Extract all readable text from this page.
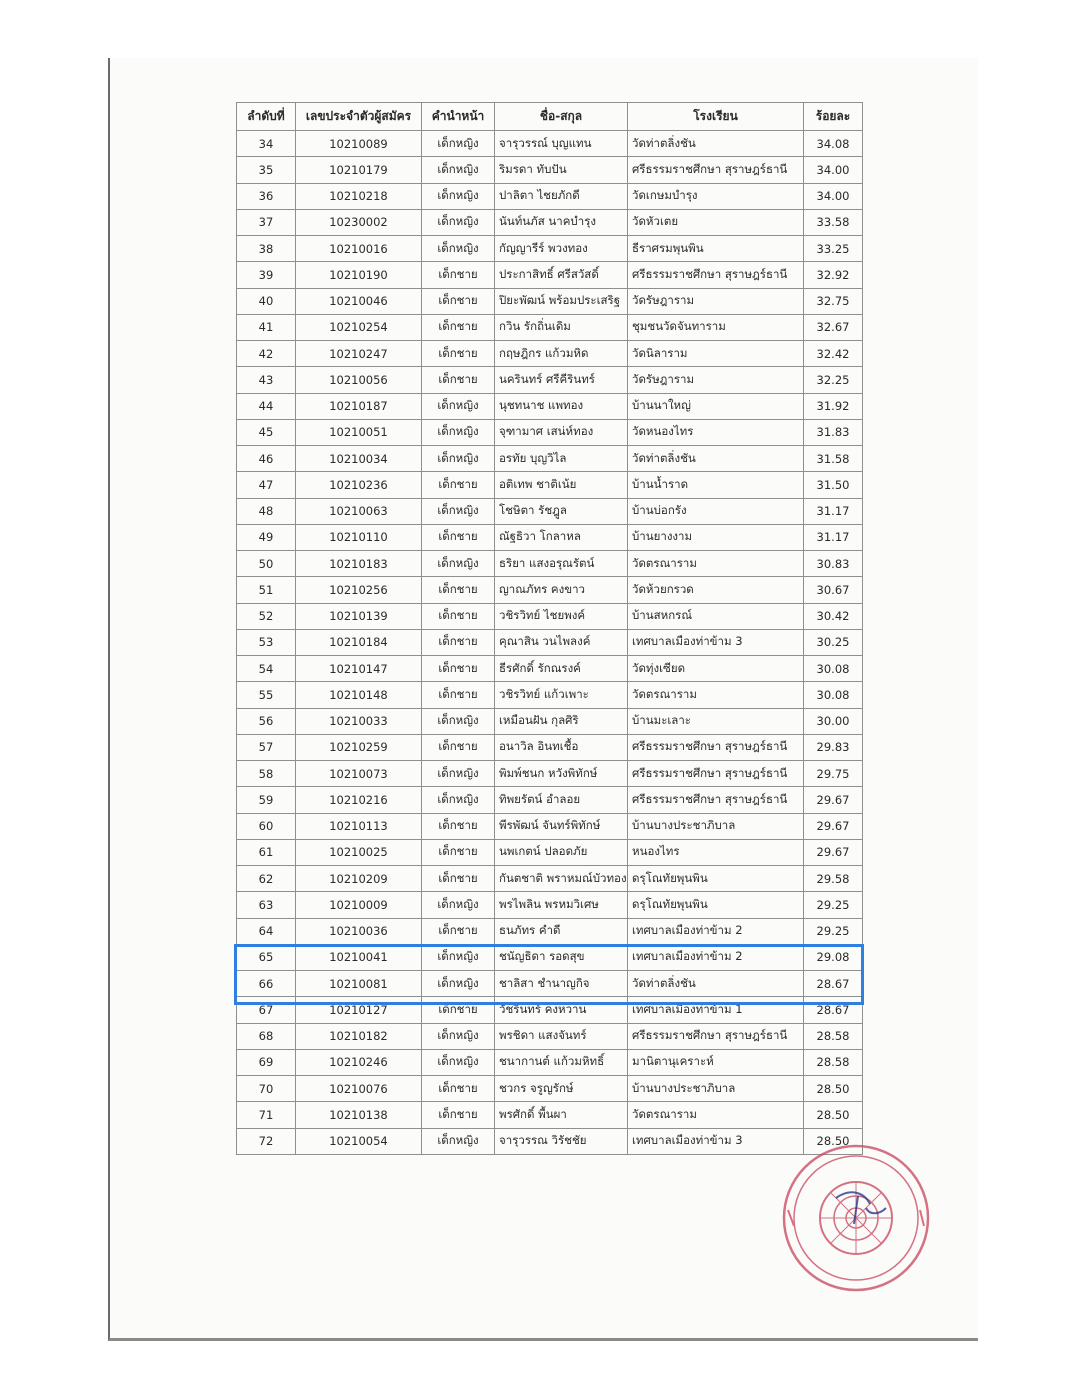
ลำดับที่	เลขประจำตัวผู้สมัคร	คำนำหน้า	ชื่อ-สกุล	โรงเรียน	ร้อยละ
34	10210089	เด็กหญิง	จารุวรรณ์ บุญแทน	วัดท่าตลิ่งชัน	34.08
35	10210179	เด็กหญิง	ริมรดา ทับปัน	ศรีธรรมราชศึกษา สุราษฎร์ธานี	34.00
36	10210218	เด็กหญิง	ปาลิตา ไชยภักดี	วัดเกษมบำรุง	34.00
37	10230002	เด็กหญิง	นันท์นภัส นาคบำรุง	วัดหัวเตย	33.58
38	10210016	เด็กหญิง	กัญญารีร์ พวงทอง	ธีราศรมพุนพิน	33.25
39	10210190	เด็กชาย	ประกาสิทธิ์ ศรีสวัสดิ์	ศรีธรรมราชศึกษา สุราษฎร์ธานี	32.92
40	10210046	เด็กชาย	ปิยะพัฒน์ พร้อมประเสริฐ	วัดรัษฎาราม	32.75
41	10210254	เด็กชาย	กวิน รักถิ่นเดิม	ชุมชนวัดจันทาราม	32.67
42	10210247	เด็กชาย	กฤษฎิกร แก้วมหิด	วัดนิลาราม	32.42
43	10210056	เด็กชาย	นครินทร์ ศรีคีรินทร์	วัดรัษฎาราม	32.25
44	10210187	เด็กหญิง	นุชทนาช แพทอง	บ้านนาใหญ่	31.92
45	10210051	เด็กหญิง	จุฑามาศ เสน่ห์ทอง	วัดหนองไทร	31.83
46	10210034	เด็กหญิง	อรทัย บุญวิไล	วัดท่าตลิ่งชัน	31.58
47	10210236	เด็กชาย	อติเทพ ชาติเน้ย	บ้านน้ำราด	31.50
48	10210063	เด็กหญิง	โชษิตา รัชฎูล	บ้านบ่อกรัง	31.17
49	10210110	เด็กชาย	ณัฐธิวา โกลาหล	บ้านยางงาม	31.17
50	10210183	เด็กหญิง	ธริยา แสงอรุณรัตน์	วัดตรณาราม	30.83
51	10210256	เด็กชาย	ญาณภัทร คงขาว	วัดห้วยกรวด	30.67
52	10210139	เด็กชาย	วชิรวิทย์ ไชยพงค์	บ้านสหกรณ์	30.42
53	10210184	เด็กชาย	คุณาสิน วนไพลงค์	เทศบาลเมืองท่าข้าม 3	30.25
54	10210147	เด็กชาย	ธีรศักดิ์ รักณรงค์	วัดทุ่งเซียด	30.08
55	10210148	เด็กชาย	วชิรวิทย์ แก้วเพาะ	วัดตรณาราม	30.08
56	10210033	เด็กหญิง	เหมือนฝัน กุลศิริ	บ้านมะเลาะ	30.00
57	10210259	เด็กชาย	อนาวิล อินทเชื้อ	ศรีธรรมราชศึกษา สุราษฎร์ธานี	29.83
58	10210073	เด็กหญิง	พิมพ์ชนก หวังพิทักษ์	ศรีธรรมราชศึกษา สุราษฎร์ธานี	29.75
59	10210216	เด็กหญิง	ทิพยรัตน์ อำลอย	ศรีธรรมราชศึกษา สุราษฎร์ธานี	29.67
60	10210113	เด็กชาย	พีรพัฒน์ จันทร์พิทักษ์	บ้านบางประชาภิบาล	29.67
61	10210025	เด็กชาย	นพเกตน์ ปลอดภัย	หนองไทร	29.67
62	10210209	เด็กชาย	กันตชาติ พราหมณ์บัวทอง	ดรุโณทัยพุนพิน	29.58
63	10210009	เด็กหญิง	พรไพลิน พรหมวิเศษ	ดรุโณทัยพุนพิน	29.25
64	10210036	เด็กชาย	ธนภัทร คำดี	เทศบาลเมืองท่าข้าม 2	29.25
65	10210041	เด็กหญิง	ชนัญธิดา รอดสุข	เทศบาลเมืองท่าข้าม 2	29.08
66	10210081	เด็กหญิง	ชาลิสา ชำนาญกิจ	วัดท่าตลิ่งชัน	28.67
67	10210127	เด็กชาย	วัชรินทร์ คงหวาน	เทศบาลเมืองท่าข้าม 1	28.67
68	10210182	เด็กหญิง	พรชิดา แสงจันทร์	ศรีธรรมราชศึกษา สุราษฎร์ธานี	28.58
69	10210246	เด็กหญิง	ชนากานต์ แก้วมหิทธิ์	มานิตานุเคราะห์	28.58
70	10210076	เด็กชาย	ชวกร จรูญรักษ์	บ้านบางประชาภิบาล	28.50
71	10210138	เด็กชาย	พรศักดิ์ พื้นผา	วัดตรณาราม	28.50
72	10210054	เด็กหญิง	จารุวรรณ วิรัชชัย	เทศบาลเมืองท่าข้าม 3	28.50
